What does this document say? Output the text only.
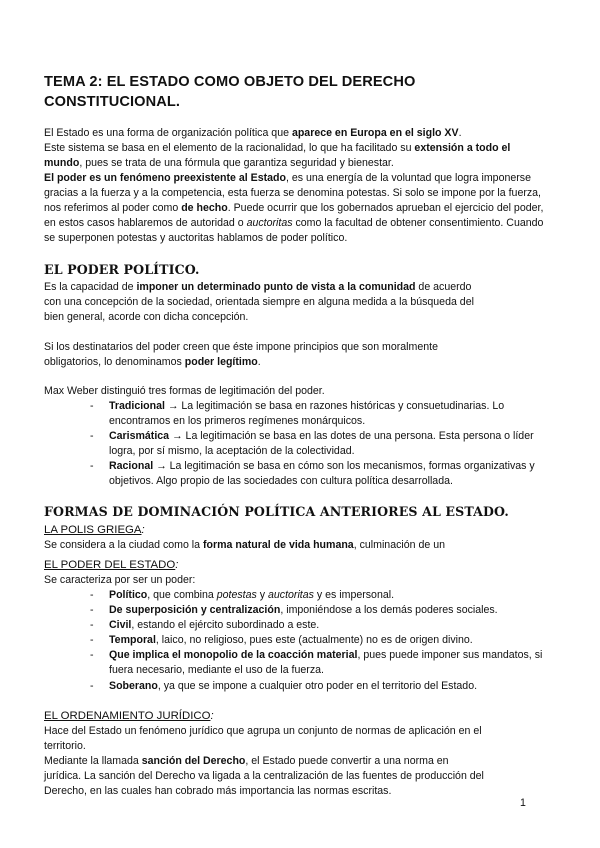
TEMA 2: EL ESTADO COMO OBJETO DEL DERECHO CONSTITUCIONAL.

El Estado es una forma de organización política que aparece en Europa en el siglo XV.

Este sistema se basa en el elemento de la racionalidad, lo que ha facilitado su extensión a todo el mundo, pues se trata de una fórmula que garantiza seguridad y bienestar.

El poder es un fenómeno preexistente al Estado, es una energía de la voluntad que logra imponerse gracias a la fuerza y a la competencia, esta fuerza se denomina potestas. Si solo se impone por la fuerza, nos referimos al poder como de hecho. Puede ocurrir que los gobernados aprueban el ejercicio del poder, en estos casos hablaremos de autoridad o auctoritas como la facultad de obtener consentimiento. Cuando se superponen potestas y auctoritas hablamos de poder político.

EL PODER POLÍTICO.

Es la capacidad de imponer un determinado punto de vista a la comunidad de acuerdo con una concepción de la sociedad, orientada siempre en alguna medida a la búsqueda del bien general, acorde con dicha concepción.

Si los destinatarios del poder creen que éste impone principios que son moralmente obligatorios, lo denominamos poder legítimo.

Max Weber distinguió tres formas de legitimación del poder.

- Tradicional → La legitimación se basa en razones históricas y consuetudinarias. Lo encontramos en los primeros regímenes monárquicos.
- Carismática → La legitimación se basa en las dotes de una persona. Esta persona o líder logra, por sí mismo, la aceptación de la colectividad.
- Racional → La legitimación se basa en cómo son los mecanismos, formas organizativas y objetivos. Algo propio de las sociedades con cultura política desarrollada.
FORMAS DE DOMINACIÓN POLÍTICA ANTERIORES AL ESTADO.

LA POLIS GRIEGA:

Se considera a la ciudad como la forma natural de vida humana, culminación de un

EL PODER DEL ESTADO:

Se caracteriza por ser un poder:

- Político, que combina potestas y auctoritas y es impersonal.
- De superposición y centralización, imponiéndose a los demás poderes sociales.
- Civil, estando el ejército subordinado a este.
- Temporal, laico, no religioso, pues este (actualmente) no es de origen divino.
- Que implica el monopolio de la coacción material, pues puede imponer sus mandatos, si fuera necesario, mediante el uso de la fuerza.
- Soberano, ya que se impone a cualquier otro poder en el territorio del Estado.

EL ORDENAMIENTO JURÍDICO:

Hace del Estado un fenómeno jurídico que agrupa un conjunto de normas de aplicación en el territorio.

Mediante la llamada sanción del Derecho, el Estado puede convertir a una norma en jurídica. La sanción del Derecho va ligada a la centralización de las fuentes de producción del Derecho, en las cuales han cobrado más importancia las normas escritas.

1
